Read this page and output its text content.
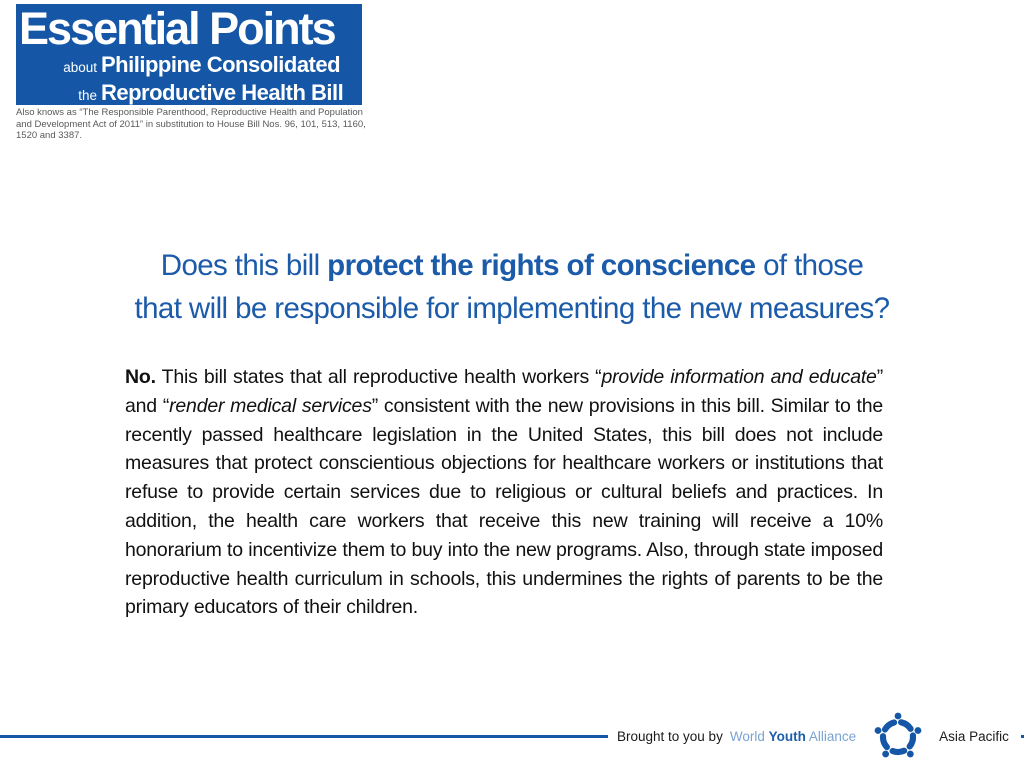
Essential Points
about Philippine Consolidated
the Reproductive Health Bill

Also knows as “The Responsible Parenthood, Reproductive Health and Population and Development Act of 2011” in substitution to House Bill Nos. 96, 101, 513, 1160, 1520 and 3387.

Does this bill protect the rights of conscience of those
that will be responsible for implementing the new measures?

No. This bill states that all reproductive health workers “provide information and educate” and “render medical services” consistent with the new provisions in this bill. Similar to the recently passed healthcare legislation in the United States, this bill does not include measures that protect conscientious objections for healthcare workers or institutions that refuse to provide certain services due to religious or cultural beliefs and practices. In addition, the health care workers that receive this new training will receive a 10% honorarium to incentivize them to buy into the new programs. Also, through state imposed reproductive health curriculum in schools, this undermines the rights of parents to be the primary educators of their children.

Brought to you by World Youth Alliance	Asia Pacific
